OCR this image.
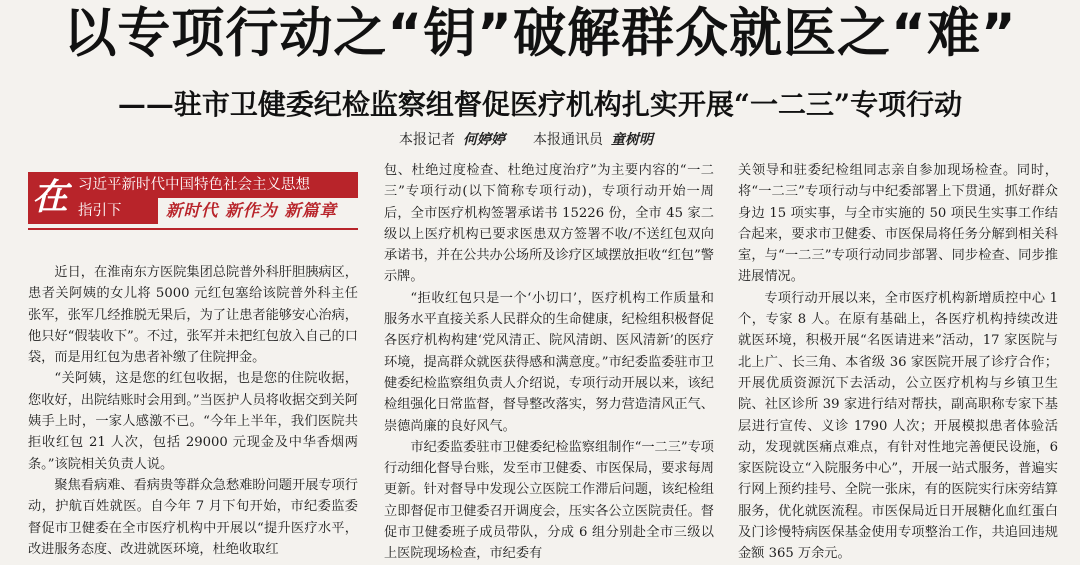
以专项行动之“钥”破解群众就医之“难”
——驻市卫健委纪检监察组督促医疗机构扎实开展“一二三”专项行动
本报记者 何婷婷 本报通讯员 童树明
在 习近平新时代中国特色社会主义思想
指引下	新时代 新作为 新篇章

近日，在淮南东方医院集团总院普外科肝胆胰病区，患者关阿姨的女儿将 5000 元红包塞给该院普外科主任张军，张军几经推脱无果后，为了让患者能够安心治病，他只好“假装收下”。不过，张军并未把红包放入自己的口袋，而是用红包为患者补缴了住院押金。

“关阿姨，这是您的红包收据，也是您的住院收据，您收好，出院结账时会用到。”当医护人员将收据交到关阿姨手上时，一家人感激不已。“今年上半年，我们医院共拒收红包 21 人次，包括 29000 元现金及中华香烟两条。”该院相关负责人说。

聚焦看病难、看病贵等群众急愁难盼问题开展专项行动，护航百姓就医。自今年 7 月下旬开始，市纪委监委督促市卫健委在全市医疗机构中开展以“提升医疗水平，改进服务态度、改进就医环境，杜绝收取红

包、杜绝过度检查、杜绝过度治疗”为主要内容的“一二三”专项行动(以下简称专项行动)，专项行动开始一周后，全市医疗机构签署承诺书 15226 份，全市 45 家二级以上医疗机构已要求医患双方签署不收/不送红包双向承诺书，并在公共办公场所及诊疗区域摆放拒收“红包”警示牌。

“拒收红包只是一个‘小切口’，医疗机构工作质量和服务水平直接关系人民群众的生命健康，纪检组积极督促各医疗机构构建‘党风清正、院风清朗、医风清新’的医疗环境，提高群众就医获得感和满意度。”市纪委监委驻市卫健委纪检监察组负责人介绍说，专项行动开展以来，该纪检组强化日常监督，督导整改落实，努力营造清风正气、崇德尚廉的良好风气。

市纪委监委驻市卫健委纪检监察组制作“一二三”专项行动细化督导台账，发至市卫健委、市医保局，要求每周更新。针对督导中发现公立医院工作滞后问题，该纪检组立即督促市卫健委召开调度会，压实各公立医院责任。督促市卫健委班子成员带队，分成 6 组分别赴全市三级以上医院现场检查，市纪委有

关领导和驻委纪检组同志亲自参加现场检查。同时，将“一二三”专项行动与中纪委部署上下贯通，抓好群众身边 15 项实事，与全市实施的 50 项民生实事工作结合起来，要求市卫健委、市医保局将任务分解到相关科室，与“一二三”专项行动同步部署、同步检查、同步推进展情况。

专项行动开展以来，全市医疗机构新增质控中心 1 个，专家 8 人。在原有基础上，各医疗机构持续改进就医环境，积极开展“名医请进来”活动，17 家医院与北上广、长三角、本省级 36 家医院开展了诊疗合作；开展优质资源沉下去活动，公立医疗机构与乡镇卫生院、社区诊所 39 家进行结对帮扶，副高职称专家下基层进行宣传、义诊 1790 人次；开展模拟患者体验活动，发现就医痛点难点，有针对性地完善便民设施，6 家医院设立“入院服务中心”，开展一站式服务，普遍实行网上预约挂号、全院一张床，有的医院实行床旁结算服务，优化就医流程。市医保局近日开展糖化血红蛋白及门诊慢特病医保基金使用专项整治工作，共追回违规金额 365 万余元。
